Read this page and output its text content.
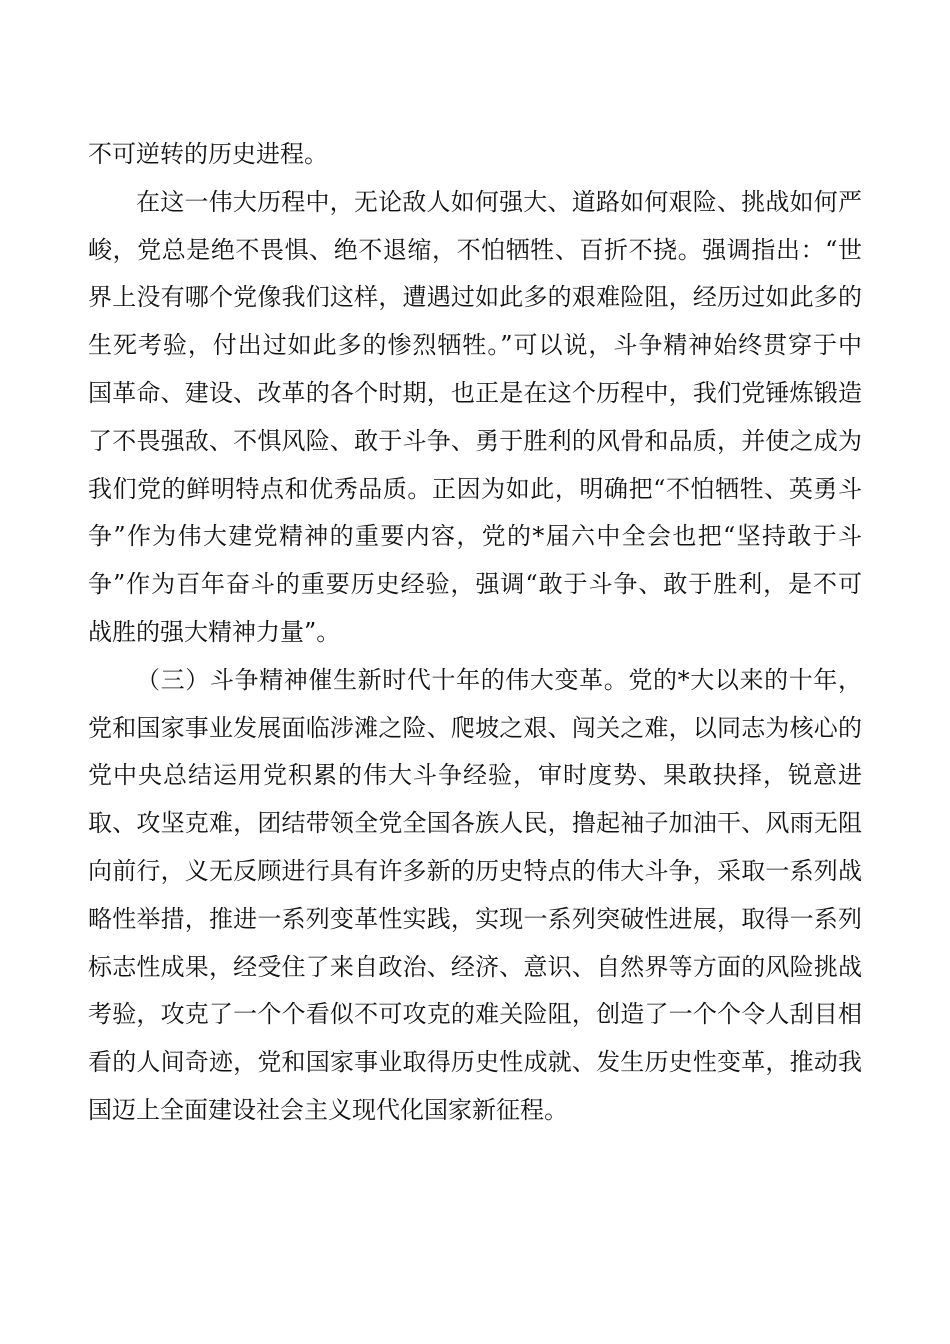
不可逆转的历史进程。
在这一伟大历程中，无论敌人如何强大、道路如何艰险、挑战如何严
峻，党总是绝不畏惧、绝不退缩，不怕牺牲、百折不挠。强调指出：“世
界上没有哪个党像我们这样，遭遇过如此多的艰难险阻，经历过如此多的
生死考验，付出过如此多的惨烈牺牲。”可以说，斗争精神始终贯穿于中
国革命、建设、改革的各个时期，也正是在这个历程中，我们党锤炼锻造
了不畏强敌、不惧风险、敢于斗争、勇于胜利的风骨和品质，并使之成为
我们党的鲜明特点和优秀品质。正因为如此，明确把“不怕牺牲、英勇斗
争”作为伟大建党精神的重要内容，党的*届六中全会也把“坚持敢于斗
争”作为百年奋斗的重要历史经验，强调“敢于斗争、敢于胜利，是不可
战胜的强大精神力量”。
（三）斗争精神催生新时代十年的伟大变革。党的*大以来的十年，
党和国家事业发展面临涉滩之险、爬坡之艰、闯关之难，以同志为核心的
党中央总结运用党积累的伟大斗争经验，审时度势、果敢抉择，锐意进
取、攻坚克难，团结带领全党全国各族人民，撸起袖子加油干、风雨无阻
向前行，义无反顾进行具有许多新的历史特点的伟大斗争，采取一系列战
略性举措，推进一系列变革性实践，实现一系列突破性进展，取得一系列
标志性成果，经受住了来自政治、经济、意识、自然界等方面的风险挑战
考验，攻克了一个个看似不可攻克的难关险阻，创造了一个个令人刮目相
看的人间奇迹，党和国家事业取得历史性成就、发生历史性变革，推动我
国迈上全面建设社会主义现代化国家新征程。
